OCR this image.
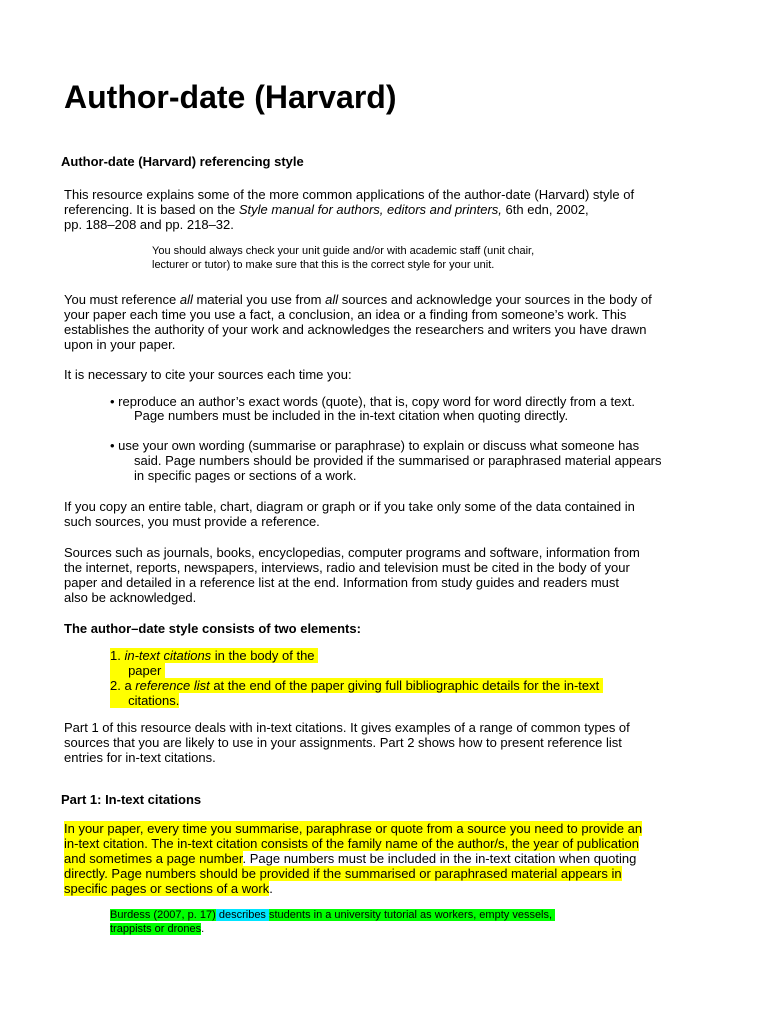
Author-date (Harvard)
Author-date (Harvard) referencing style

This resource explains some of the more common applications of the author-date (Harvard) style of

referencing. It is based on the Style manual for authors, editors and printers, 6th edn, 2002,

pp. 188–208 and pp. 218–32.

You should always check your unit guide and/or with academic staff (unit chair,

lecturer or tutor) to make sure that this is the correct style for your unit.

You must reference all material you use from all sources and acknowledge your sources in the body of

your paper each time you use a fact, a conclusion, an idea or a finding from someone’s work. This

establishes the authority of your work and acknowledges the researchers and writers you have drawn

upon in your paper.

It is necessary to cite your sources each time you:

• reproduce an author’s exact words (quote), that is, copy word for word directly from a text.

Page numbers must be included in the in-text citation when quoting directly.

• use your own wording (summarise or paraphrase) to explain or discuss what someone has

said. Page numbers should be provided if the summarised or paraphrased material appears

in specific pages or sections of a work.

If you copy an entire table, chart, diagram or graph or if you take only some of the data contained in

such sources, you must provide a reference.

Sources such as journals, books, encyclopedias, computer programs and software, information from

the internet, reports, newspapers, interviews, radio and television must be cited in the body of your

paper and detailed in a reference list at the end. Information from study guides and readers must

also be acknowledged.

The author–date style consists of two elements:

1. in-text citations in the body of the

paper

2. a reference list at the end of the paper giving full bibliographic details for the in-text

citations.

Part 1 of this resource deals with in-text citations. It gives examples of a range of common types of

sources that you are likely to use in your assignments. Part 2 shows how to present reference list

entries for in-text citations.

Part 1: In-text citations

In your paper, every time you summarise, paraphrase or quote from a source you need to provide an

in-text citation. The in-text citation consists of the family name of the author/s, the year of publication

and sometimes a page number. Page numbers must be included in the in-text citation when quoting

directly. Page numbers should be provided if the summarised or paraphrased material appears in

specific pages or sections of a work.

Burdess (2007, p. 17) describes students in a university tutorial as workers, empty vessels,

trappists or drones.
